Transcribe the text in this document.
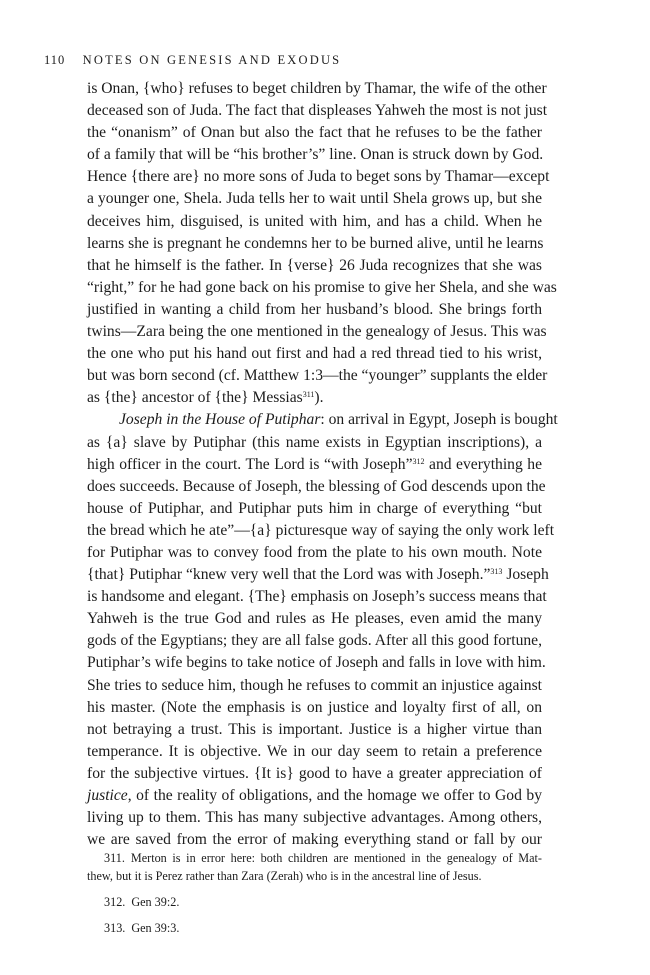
110 NOTES ON GENESIS AND EXODUS
is Onan, {who} refuses to beget children by Thamar, the wife of the other
deceased son of Juda. The fact that displeases Yahweh the most is not just
the “onanism” of Onan but also the fact that he refuses to be the father
of a family that will be “his brother’s” line. Onan is struck down by God.
Hence {there are} no more sons of Juda to beget sons by Thamar—except
a younger one, Shela. Juda tells her to wait until Shela grows up, but she
deceives him, disguised, is united with him, and has a child. When he
learns she is pregnant he condemns her to be burned alive, until he learns
that he himself is the father. In {verse} 26 Juda recognizes that she was
“right,” for he had gone back on his promise to give her Shela, and she was
justified in wanting a child from her husband’s blood. She brings forth
twins—Zara being the one mentioned in the genealogy of Jesus. This was
the one who put his hand out first and had a red thread tied to his wrist,
but was born second (cf. Matthew 1:3—the “younger” supplants the elder
as {the} ancestor of {the} Messias$^{311}$).
Joseph in the House of Putiphar: on arrival in Egypt, Joseph is bought
as {a} slave by Putiphar (this name exists in Egyptian inscriptions), a
high officer in the court. The Lord is “with Joseph”$^{312}$ and everything he
does succeeds. Because of Joseph, the blessing of God descends upon the
house of Putiphar, and Putiphar puts him in charge of everything “but
the bread which he ate”—{a} picturesque way of saying the only work left
for Putiphar was to convey food from the plate to his own mouth. Note
{that} Putiphar “knew very well that the Lord was with Joseph.”$^{313}$ Joseph
is handsome and elegant. {The} emphasis on Joseph’s success means that
Yahweh is the true God and rules as He pleases, even amid the many
gods of the Egyptians; they are all false gods. After all this good fortune,
Putiphar’s wife begins to take notice of Joseph and falls in love with him.
She tries to seduce him, though he refuses to commit an injustice against
his master. (Note the emphasis is on justice and loyalty first of all, on
not betraying a trust. This is important. Justice is a higher virtue than
temperance. It is objective. We in our day seem to retain a preference
for the subjective virtues. {It is} good to have a greater appreciation of
justice, of the reality of obligations, and the homage we offer to God by
living up to them. This has many subjective advantages. Among others,
we are saved from the error of making everything stand or fall by our
311. Merton is in error here: both children are mentioned in the genealogy of Mat-
thew, but it is Perez rather than Zara (Zerah) who is in the ancestral line of Jesus.
312. Gen 39:2.
313. Gen 39:3.
